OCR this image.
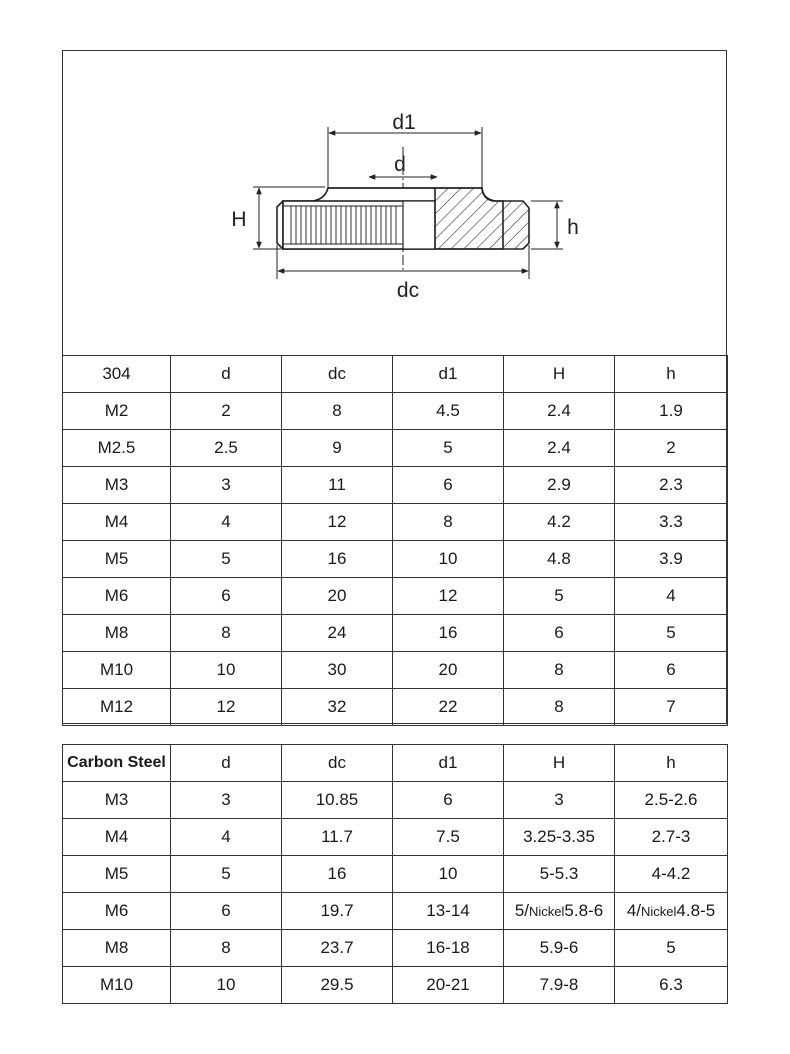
d1
d
H	h
dc
304	d	dc	d1	H	h
M2	2	8	4.5	2.4	1.9
M2.5	2.5	9	5	2.4	2
M3	3	11	6	2.9	2.3
M4	4	12	8	4.2	3.3
M5	5	16	10	4.8	3.9
M6	6	20	12	5	4
M8	8	24	16	6	5
M10	10	30	20	8	6
M12	12	32	22	8	7
Carbon Steel	d	dc	d1	H	h
M3	3	10.85	6	3	2.5-2.6
M4	4	11.7	7.5	3.25-3.35	2.7-3
M5	5	16	10	5-5.3	4-4.2
M6	6	19.7	13-14	5/Nickel5.8-6	4/Nickel4.8-5
M8	8	23.7	16-18	5.9-6	5
M10	10	29.5	20-21	7.9-8	6.3
